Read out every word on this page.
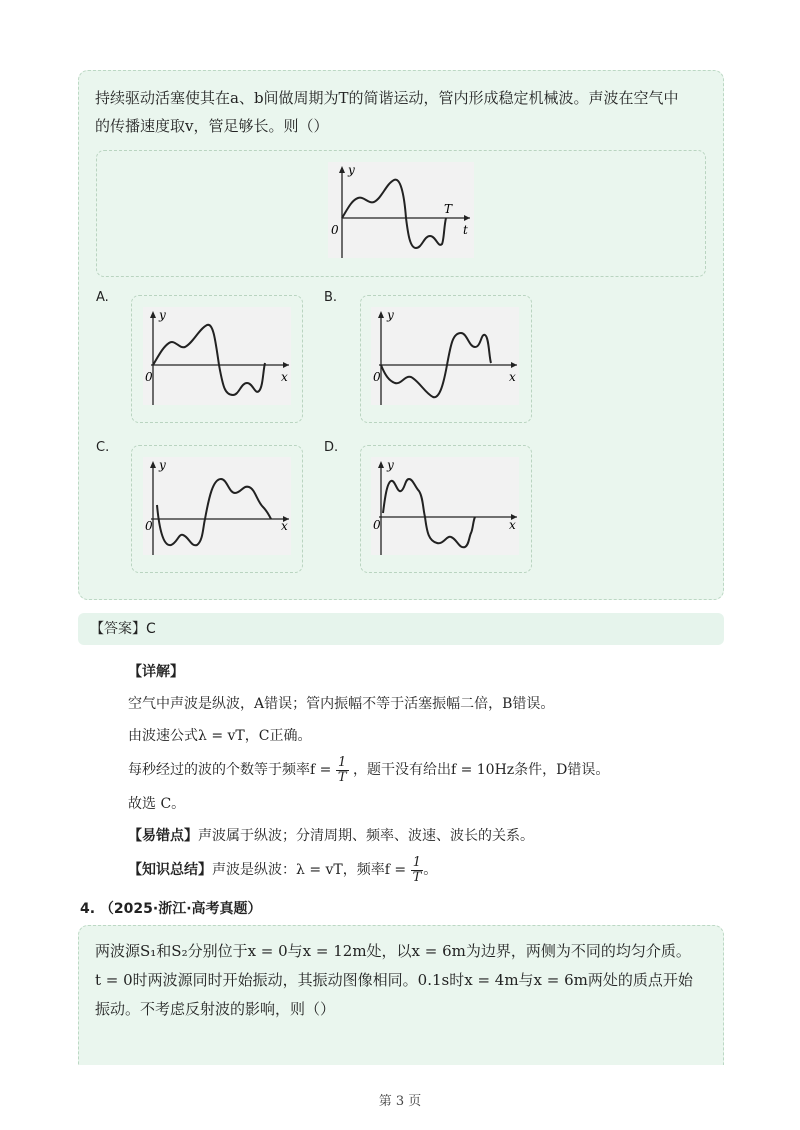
持续驱动活塞使其在a、b间做周期为T的简谐运动，管内形成稳定机械波。声波在空气中
的传播速度取v，管足够长。则（）
y
0	t
T
A.
y
0	x
B.
y
0	x
C.
y
0	x
D.
y
0	x
【答案】C
【详解】
空气中声波是纵波，A错误；管内振幅不等于活塞振幅二倍，B错误。
由波速公式λ = vT，C正确。
每秒经过的波的个数等于频率$f = \frac{1}{T}$ ，题干没有给出f = 10Hz条件，D错误。
故选 C。
【易错点】声波属于纵波；分清周期、频率、波速、波长的关系。
【知识总结】声波是纵波：λ = vT，频率$f = \frac{1}{T}$ 。
4. （2025·浙江·高考真题）
两波源S₁和S₂分别位于x = 0与x = 12m处，以x = 6m为边界，两侧为不同的均匀介质。
t = 0时两波源同时开始振动，其振动图像相同。0.1s时x = 4m与x = 6m两处的质点开始
振动。不考虑反射波的影响，则（）
第 3 页
